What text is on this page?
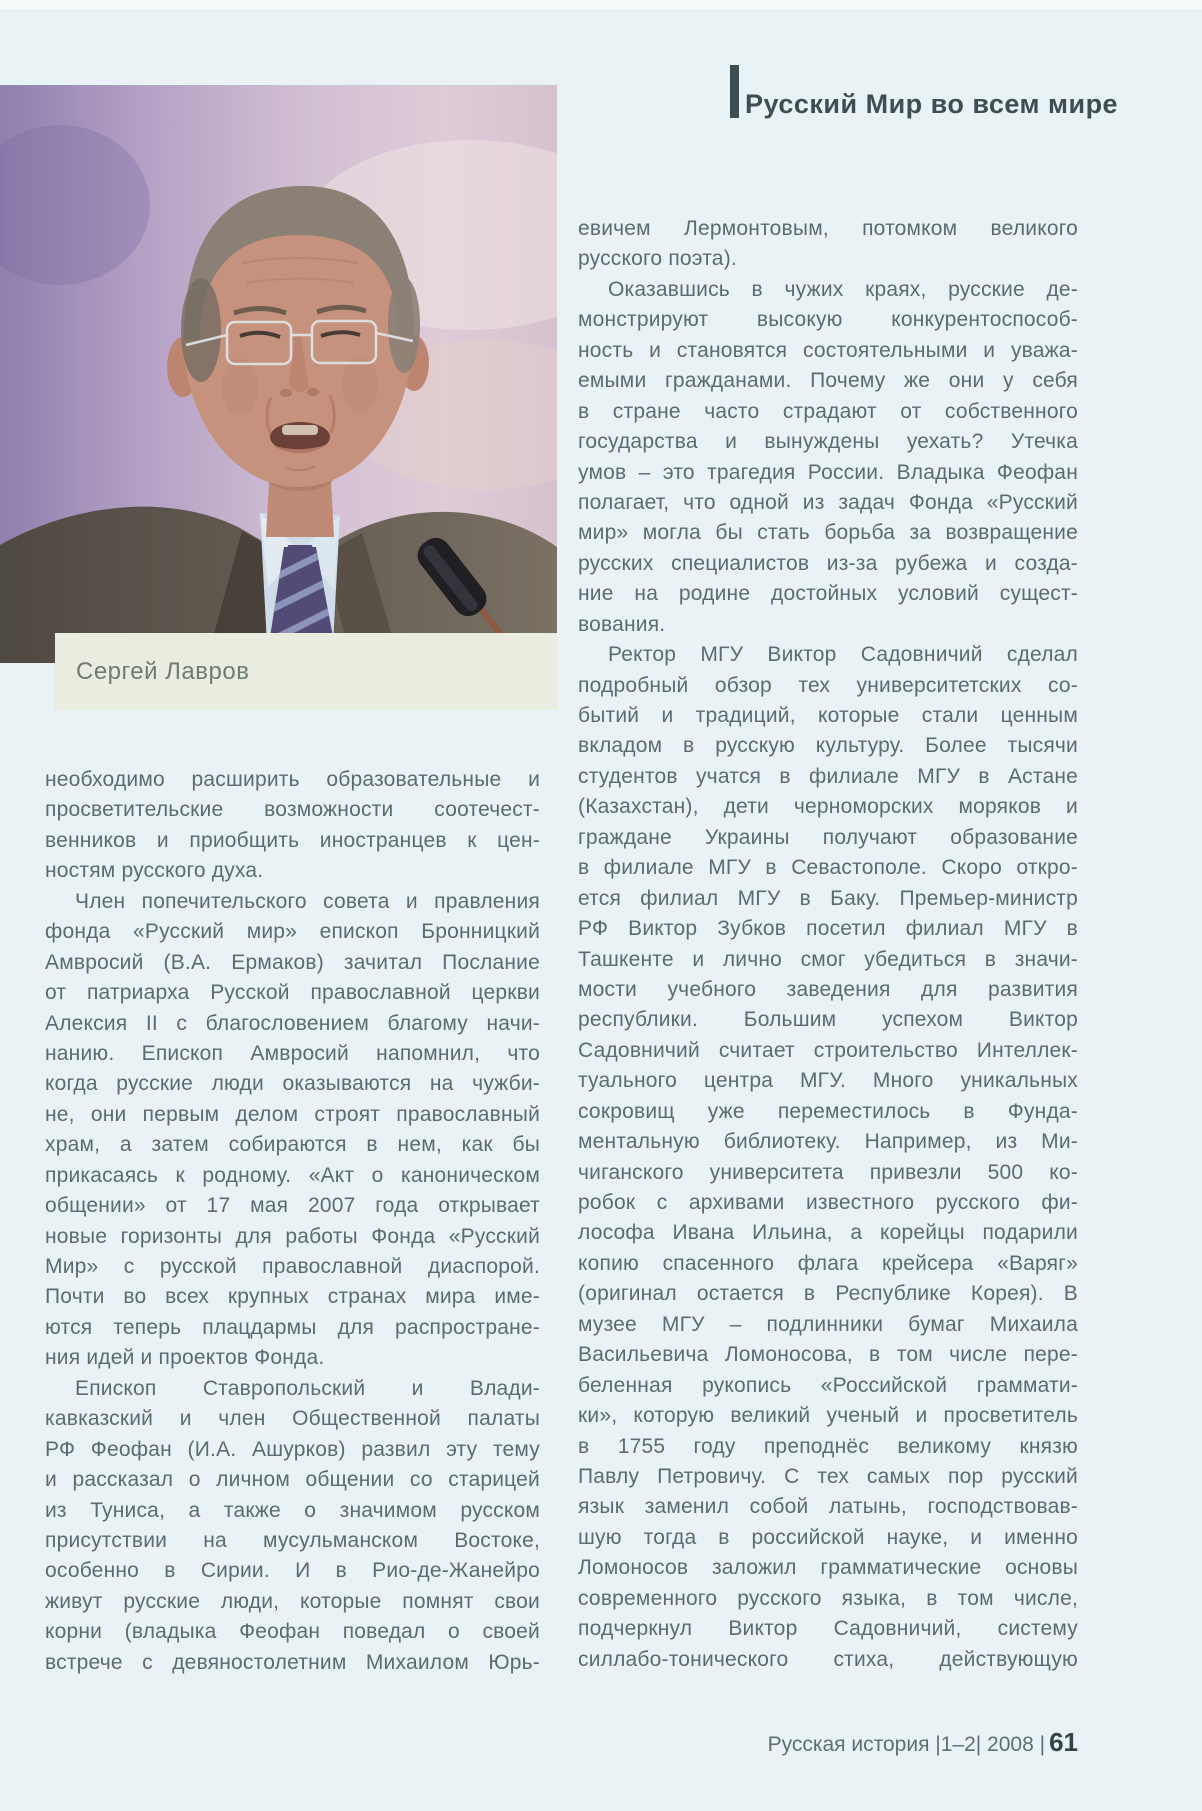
Русский Мир во всем мире
Сергей Лавров
необходимо расширить образовательные и
просветительские возможности соотечест-
венников и приобщить иностранцев к цен-
ностям русского духа.
Член попечительского совета и правления
фонда «Русский мир» епископ Бронницкий
Амвросий (В.А. Ермаков) зачитал Послание
от патриарха Русской православной церкви
Алексия II с благословением благому начи-
нанию. Епископ Амвросий напомнил, что
когда русские люди оказываются на чужби-
не, они первым делом строят православный
храм, а затем собираются в нем, как бы
прикасаясь к родному. «Акт о каноническом
общении» от 17 мая 2007 года открывает
новые горизонты для работы Фонда «Русский
Мир» с русской православной диаспорой.
Почти во всех крупных странах мира име-
ются теперь плацдармы для распростране-
ния идей и проектов Фонда.
Епископ Ставропольский и Влади-
кавказский и член Общественной палаты
РФ Феофан (И.А. Ашурков) развил эту тему
и рассказал о личном общении со старицей
из Туниса, а также о значимом русском
присутствии на мусульманском Востоке,
особенно в Сирии. И в Рио-де-Жанейро
живут русские люди, которые помнят свои
корни (владыка Феофан поведал о своей
встрече с девяностолетним Михаилом Юрь-
евичем Лермонтовым, потомком великого
русского поэта).
Оказавшись в чужих краях, русские де-
монстрируют высокую конкурентоспособ-
ность и становятся состоятельными и уважа-
емыми гражданами. Почему же они у себя
в стране часто страдают от собственного
государства и вынуждены уехать? Утечка
умов – это трагедия России. Владыка Феофан
полагает, что одной из задач Фонда «Русский
мир» могла бы стать борьба за возвращение
русских специалистов из-за рубежа и созда-
ние на родине достойных условий сущест-
вования.
Ректор МГУ Виктор Садовничий сделал
подробный обзор тех университетских со-
бытий и традиций, которые стали ценным
вкладом в русскую культуру. Более тысячи
студентов учатся в филиале МГУ в Астане
(Казахстан), дети черноморских моряков и
граждане Украины получают образование
в филиале МГУ в Севастополе. Скоро откро-
ется филиал МГУ в Баку. Премьер-министр
РФ Виктор Зубков посетил филиал МГУ в
Ташкенте и лично смог убедиться в значи-
мости учебного заведения для развития
республики. Большим успехом Виктор
Садовничий считает строительство Интеллек-
туального центра МГУ. Много уникальных
сокровищ уже переместилось в Фунда-
ментальную библиотеку. Например, из Ми-
чиганского университета привезли 500 ко-
робок с архивами известного русского фи-
лософа Ивана Ильина, а корейцы подарили
копию спасенного флага крейсера «Варяг»
(оригинал остается в Республике Корея). В
музее МГУ – подлинники бумаг Михаила
Васильевича Ломоносова, в том числе пере-
беленная рукопись «Российской граммати-
ки», которую великий ученый и просветитель
в 1755 году преподнёс великому князю
Павлу Петровичу. С тех самых пор русский
язык заменил собой латынь, господствовав-
шую тогда в российской науке, и именно
Ломоносов заложил грамматические основы
современного русского языка, в том числе,
подчеркнул Виктор Садовничий, систему
силлабо-тонического стиха, действующую
Русская история |1–2| 2008 | 61
